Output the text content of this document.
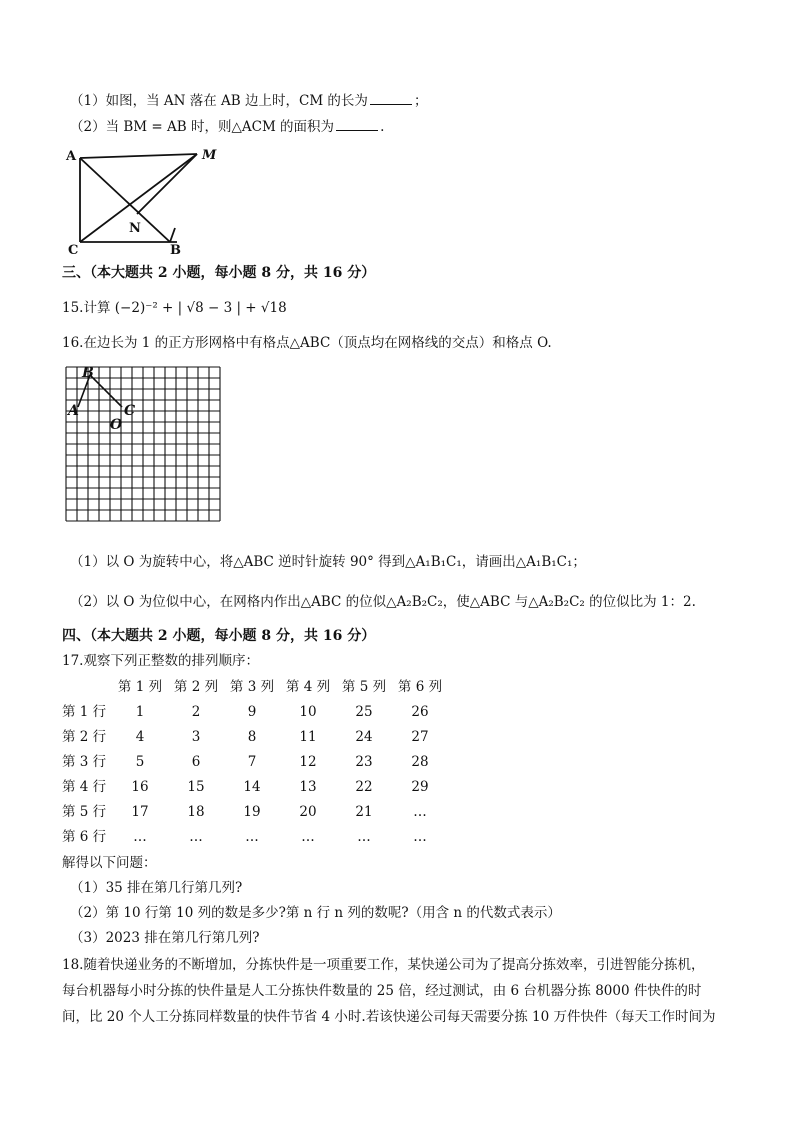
（1）如图，当 AN 落在 AB 边上时，CM 的长为	；
（2）当 BM = AB 时，则△ACM 的面积为	.
A	M
N
C	B
三、（本大题共 2 小题，每小题 8 分，共 16 分）
15.计算 (−2)⁻² + | √8 − 3 | + √18
16.在边长为 1 的正方形网格中有格点△ABC（顶点均在网格线的交点）和格点 O.
B
A	C
O
（1）以 O 为旋转中心，将△ABC 逆时针旋转 90° 得到△A₁B₁C₁，请画出△A₁B₁C₁；
（2）以 O 为位似中心，在网格内作出△ABC 的位似△A₂B₂C₂，使△ABC 与△A₂B₂C₂ 的位似比为 1：2.
四、（本大题共 2 小题，每小题 8 分，共 16 分）
17.观察下列正整数的排列顺序：
第 1 列 第 2 列 第 3 列 第 4 列 第 5 列 第 6 列
第 1 行	1	2	9	10	25	26
第 2 行	4	3	8	11	24	27
第 3 行	5	6	7	12	23	28
第 4 行	16	15	14	13	22	29
第 5 行	17	18	19	20	21	…
第 6 行	…	…	…	…	…	…
解得以下问题：
（1）35 排在第几行第几列?
（2）第 10 行第 10 列的数是多少?第 n 行 n 列的数呢?（用含 n 的代数式表示）
（3）2023 排在第几行第几列?
18.随着快递业务的不断增加，分拣快件是一项重要工作，某快递公司为了提高分拣效率，引进智能分拣机，
每台机器每小时分拣的快件量是人工分拣快件数量的 25 倍，经过测试，由 6 台机器分拣 8000 件快件的时
间，比 20 个人工分拣同样数量的快件节省 4 小时.若该快递公司每天需要分拣 10 万件快件（每天工作时间为
